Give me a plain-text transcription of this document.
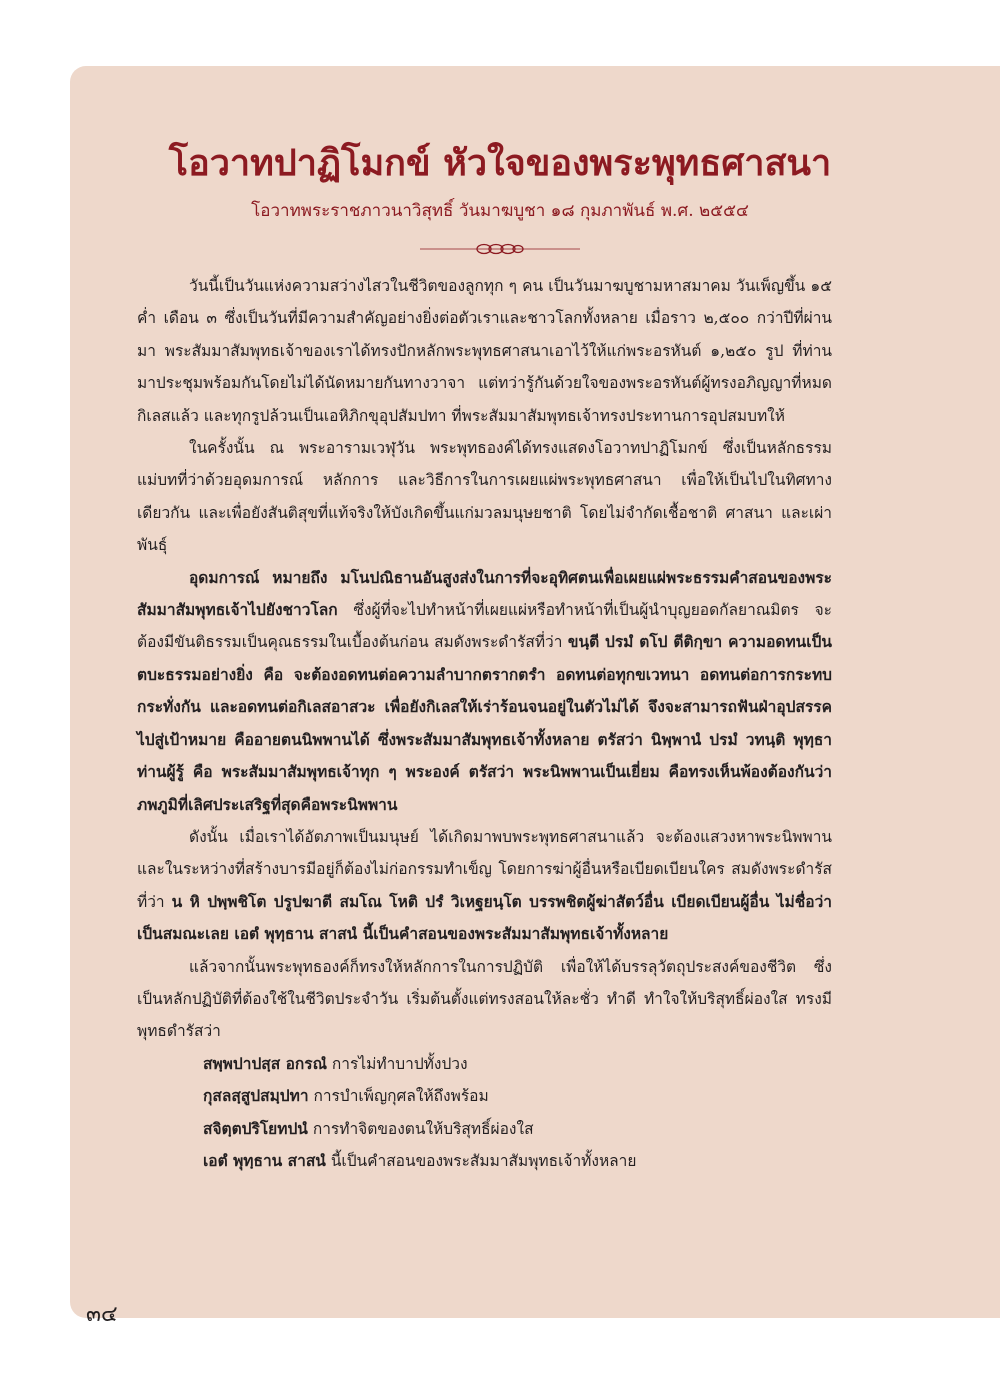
โอวาทปาฏิโมกข์ หัวใจของพระพุทธศาสนา
โอวาทพระราชภาวนาวิสุทธิ์ วันมาฆบูชา ๑๘ กุมภาพันธ์ พ.ศ. ๒๕๕๔

วันนี้เป็นวันแห่งความสว่างไสวในชีวิตของลูกทุก ๆ คน เป็นวันมาฆบูชามหาสมาคม วันเพ็ญขึ้น ๑๕ ค่ำ เดือน ๓ ซึ่งเป็นวันที่มีความสำคัญอย่างยิ่งต่อตัวเราและชาวโลกทั้งหลาย เมื่อราว ๒,๕๐๐ กว่าปีที่ผ่านมา พระสัมมาสัมพุทธเจ้าของเราได้ทรงปักหลักพระพุทธศาสนาเอาไว้ให้แก่พระอรหันต์ ๑,๒๕๐ รูป ที่ท่านมาประชุมพร้อมกันโดยไม่ได้นัดหมายกันทางวาจา แต่ทว่ารู้กันด้วยใจของพระอรหันต์ผู้ทรงอภิญญาที่หมดกิเลสแล้ว และทุกรูปล้วนเป็นเอหิภิกขุอุปสัมปทา ที่พระสัมมาสัมพุทธเจ้าทรงประทานการอุปสมบทให้

ในครั้งนั้น ณ พระอารามเวฬุวัน พระพุทธองค์ได้ทรงแสดงโอวาทปาฏิโมกข์ ซึ่งเป็นหลักธรรมแม่บทที่ว่าด้วยอุดมการณ์ หลักการ และวิธีการในการเผยแผ่พระพุทธศาสนา เพื่อให้เป็นไปในทิศทางเดียวกัน และเพื่อยังสันติสุขที่แท้จริงให้บังเกิดขึ้นแก่มวลมนุษยชาติ โดยไม่จำกัดเชื้อชาติ ศาสนา และเผ่าพันธุ์

อุดมการณ์ หมายถึง มโนปณิธานอันสูงส่งในการที่จะอุทิศตนเพื่อเผยแผ่พระธรรมคำสอนของพระสัมมาสัมพุทธเจ้าไปยังชาวโลก ซึ่งผู้ที่จะไปทำหน้าที่เผยแผ่หรือทำหน้าที่เป็นผู้นำบุญยอดกัลยาณมิตร จะต้องมีขันติธรรมเป็นคุณธรรมในเบื้องต้นก่อน สมดังพระดำรัสที่ว่า ขนฺตี ปรมํ ตโป ตีติกฺขา ความอดทนเป็นตบะธรรมอย่างยิ่ง คือ จะต้องอดทนต่อความลำบากตรากตรำ อดทนต่อทุกขเวทนา อดทนต่อการกระทบกระทั่งกัน และอดทนต่อกิเลสอาสวะ เพื่อยังกิเลสให้เร่าร้อนจนอยู่ในตัวไม่ได้ จึงจะสามารถฟันฝ่าอุปสรรคไปสู่เป้าหมาย คืออายตนนิพพานได้ ซึ่งพระสัมมาสัมพุทธเจ้าทั้งหลาย ตรัสว่า นิพฺพานํ ปรมํ วทนฺติ พุทฺธา ท่านผู้รู้ คือ พระสัมมาสัมพุทธเจ้าทุก ๆ พระองค์ ตรัสว่า พระนิพพานเป็นเยี่ยม คือทรงเห็นพ้องต้องกันว่า ภพภูมิที่เลิศประเสริฐที่สุดคือพระนิพพาน

ดังนั้น เมื่อเราได้อัตภาพเป็นมนุษย์ ได้เกิดมาพบพระพุทธศาสนาแล้ว จะต้องแสวงหาพระนิพพาน และในระหว่างที่สร้างบารมีอยู่ก็ต้องไม่ก่อกรรมทำเข็ญ โดยการฆ่าผู้อื่นหรือเบียดเบียนใคร สมดังพระดำรัสที่ว่า น หิ ปพฺพชิโต ปรูปฆาตี สมโณ โหติ ปรํ วิเหฐยนฺโต บรรพชิตผู้ฆ่าสัตว์อื่น เบียดเบียนผู้อื่น ไม่ชื่อว่าเป็นสมณะเลย เอตํ พุทฺธาน สาสนํ นี้เป็นคำสอนของพระสัมมาสัมพุทธเจ้าทั้งหลาย

แล้วจากนั้นพระพุทธองค์ก็ทรงให้หลักการในการปฏิบัติ เพื่อให้ได้บรรลุวัตถุประสงค์ของชีวิต ซึ่งเป็นหลักปฏิบัติที่ต้องใช้ในชีวิตประจำวัน เริ่มต้นตั้งแต่ทรงสอนให้ละชั่ว ทำดี ทำใจให้บริสุทธิ์ผ่องใส ทรงมีพุทธดำรัสว่า

สพฺพปาปสฺส อกรณํ การไม่ทำบาปทั้งปวง
กุสลสฺสูปสมฺปทา การบำเพ็ญกุศลให้ถึงพร้อม
สจิตฺตปริโยทปนํ การทำจิตของตนให้บริสุทธิ์ผ่องใส
เอตํ พุทฺธาน สาสนํ นี้เป็นคำสอนของพระสัมมาสัมพุทธเจ้าทั้งหลาย
๓๔
